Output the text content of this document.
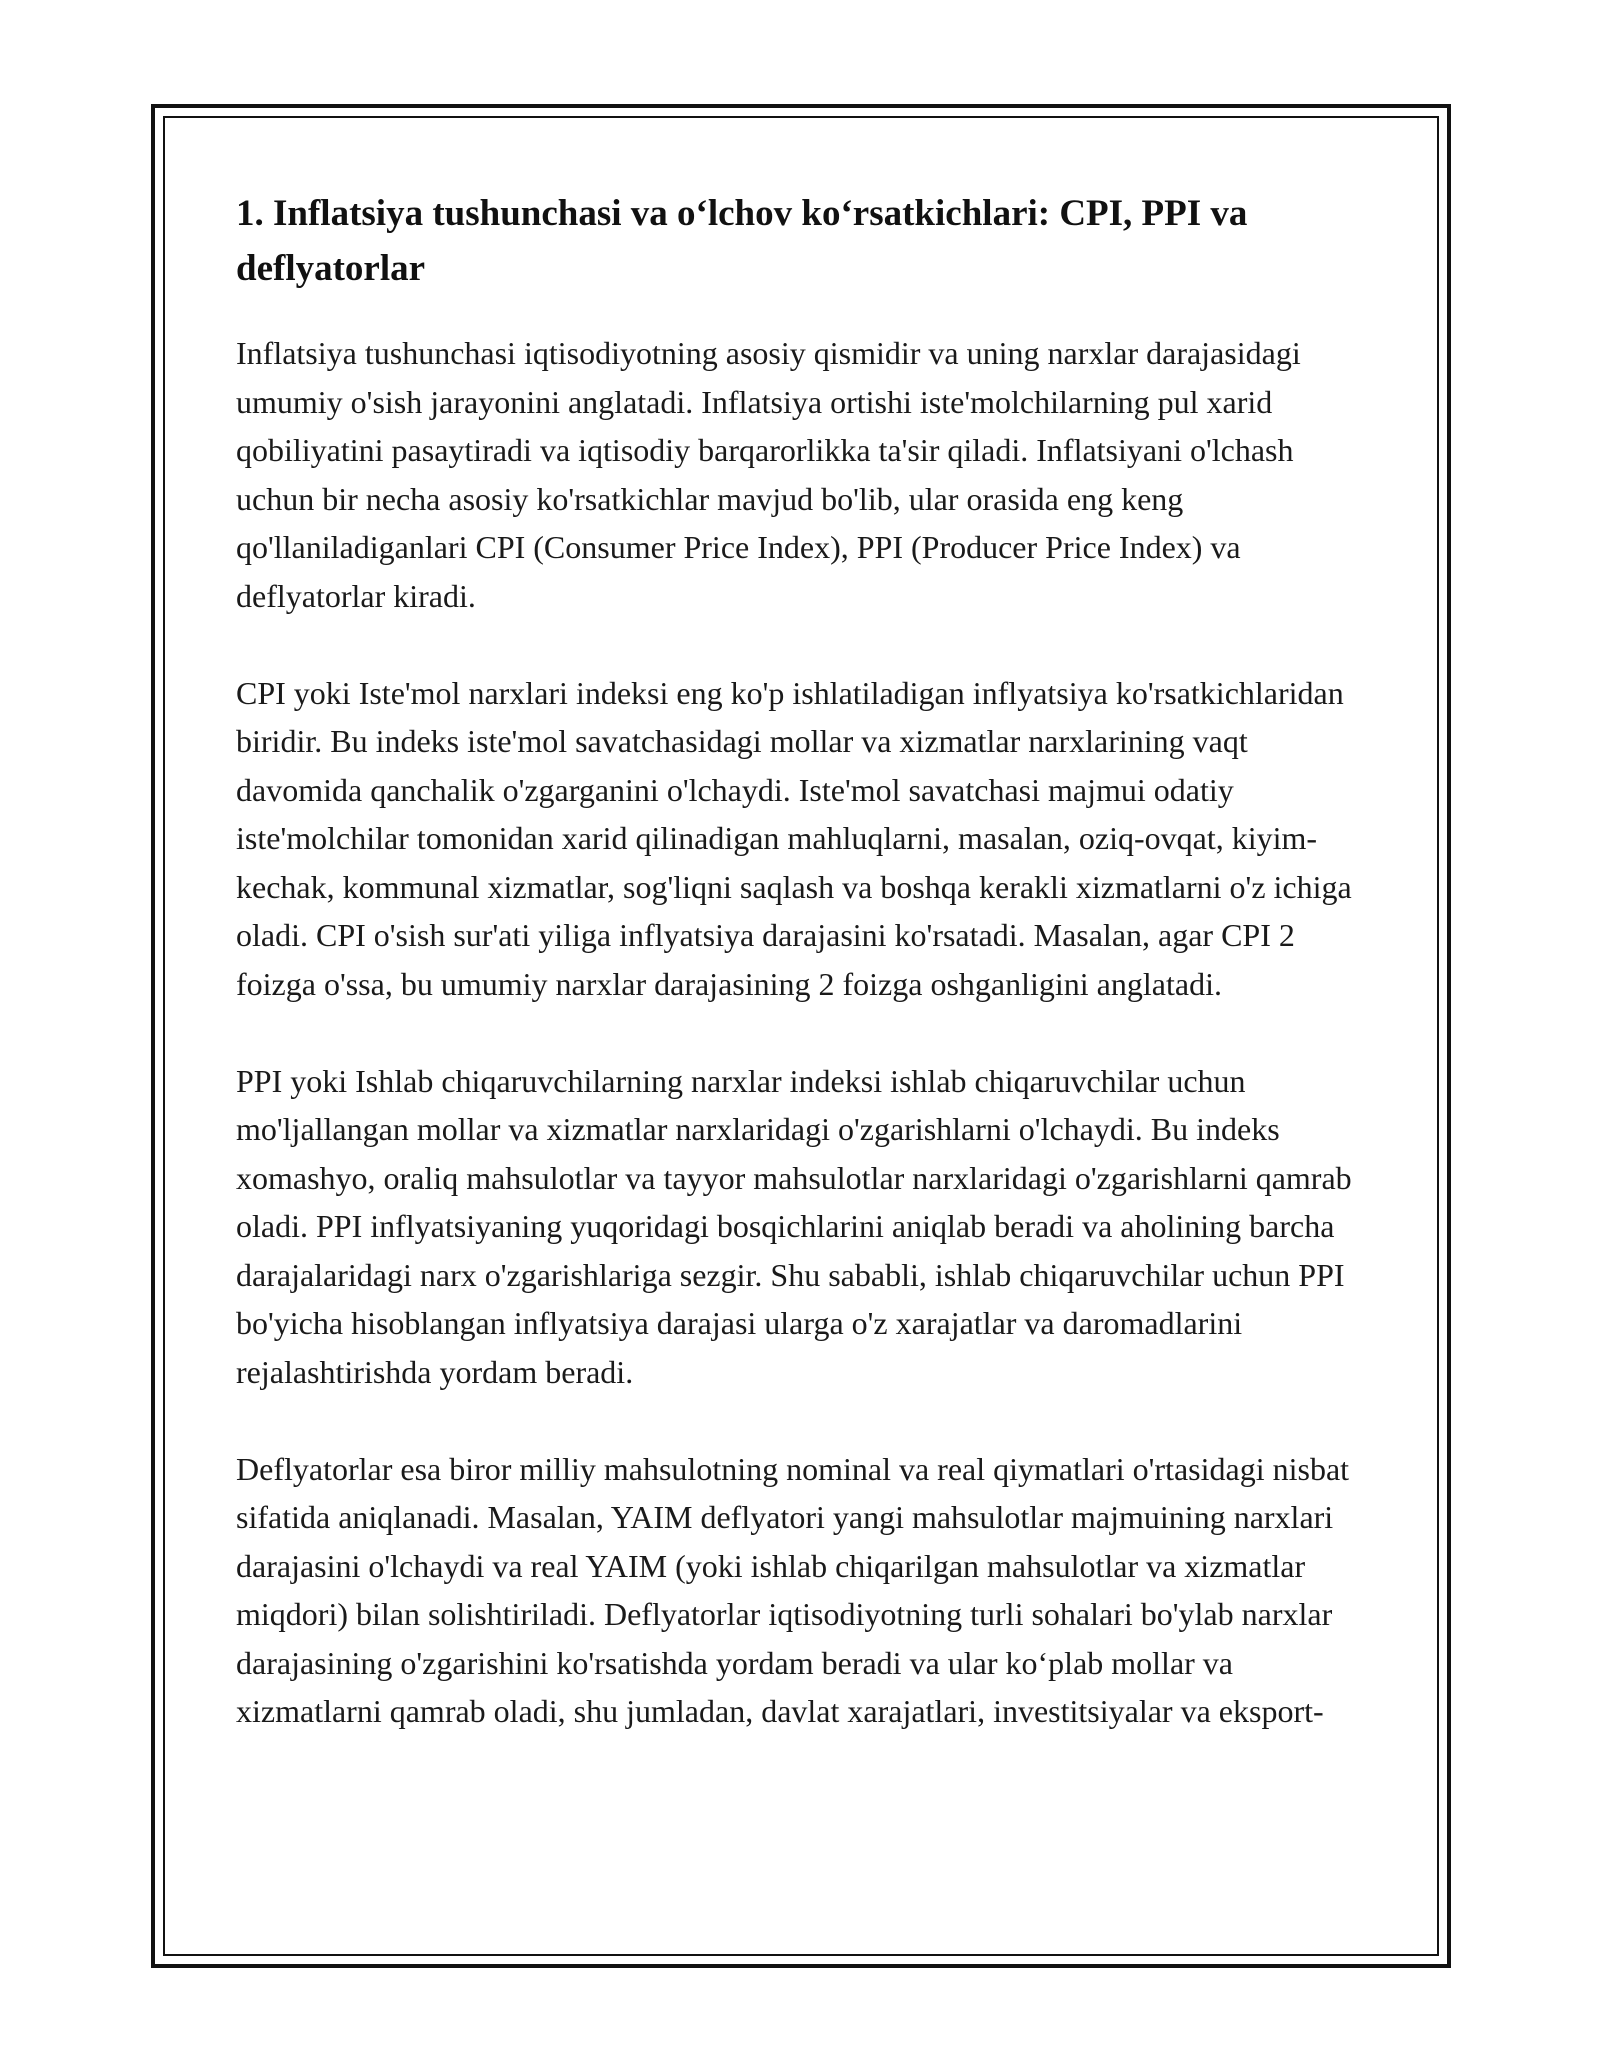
1. Inflatsiya tushunchasi va oʻlchov koʻrsatkichlari: CPI, PPI va deflyatorlar

Inflatsiya tushunchasi iqtisodiyotning asosiy qismidir va uning narxlar darajasidagi umumiy o'sish jarayonini anglatadi. Inflatsiya ortishi iste'molchilarning pul xarid qobiliyatini pasaytiradi va iqtisodiy barqarorlikka ta'sir qiladi. Inflatsiyani o'lchash uchun bir necha asosiy ko'rsatkichlar mavjud bo'lib, ular orasida eng keng qo'llaniladiganlari CPI (Consumer Price Index), PPI (Producer Price Index) va deflyatorlar kiradi.

CPI yoki Iste'mol narxlari indeksi eng ko'p ishlatiladigan inflyatsiya ko'rsatkichlaridan biridir. Bu indeks iste'mol savatchasidagi mollar va xizmatlar narxlarining vaqt davomida qanchalik o'zgarganini o'lchaydi. Iste'mol savatchasi majmui odatiy iste'molchilar tomonidan xarid qilinadigan mahluqlarni, masalan, oziq-ovqat, kiyim-kechak, kommunal xizmatlar, sog'liqni saqlash va boshqa kerakli xizmatlarni o'z ichiga oladi. CPI o'sish sur'ati yiliga inflyatsiya darajasini ko'rsatadi. Masalan, agar CPI 2 foizga o'ssa, bu umumiy narxlar darajasining 2 foizga oshganligini anglatadi.

PPI yoki Ishlab chiqaruvchilarning narxlar indeksi ishlab chiqaruvchilar uchun mo'ljallangan mollar va xizmatlar narxlaridagi o'zgarishlarni o'lchaydi. Bu indeks xomashyo, oraliq mahsulotlar va tayyor mahsulotlar narxlaridagi o'zgarishlarni qamrab oladi. PPI inflyatsiyaning yuqoridagi bosqichlarini aniqlab beradi va aholining barcha darajalaridagi narx o'zgarishlariga sezgir. Shu sababli, ishlab chiqaruvchilar uchun PPI bo'yicha hisoblangan inflyatsiya darajasi ularga o'z xarajatlar va daromadlarini rejalashtirishda yordam beradi.

Deflyatorlar esa biror milliy mahsulotning nominal va real qiymatlari o'rtasidagi nisbat sifatida aniqlanadi. Masalan, YAIM deflyatori yangi mahsulotlar majmuining narxlari darajasini o'lchaydi va real YAIM (yoki ishlab chiqarilgan mahsulotlar va xizmatlar miqdori) bilan solishtiriladi. Deflyatorlar iqtisodiyotning turli sohalari bo'ylab narxlar darajasining o'zgarishini ko'rsatishda yordam beradi va ular koʻplab mollar va xizmatlarni qamrab oladi, shu jumladan, davlat xarajatlari, investitsiyalar va eksport-
